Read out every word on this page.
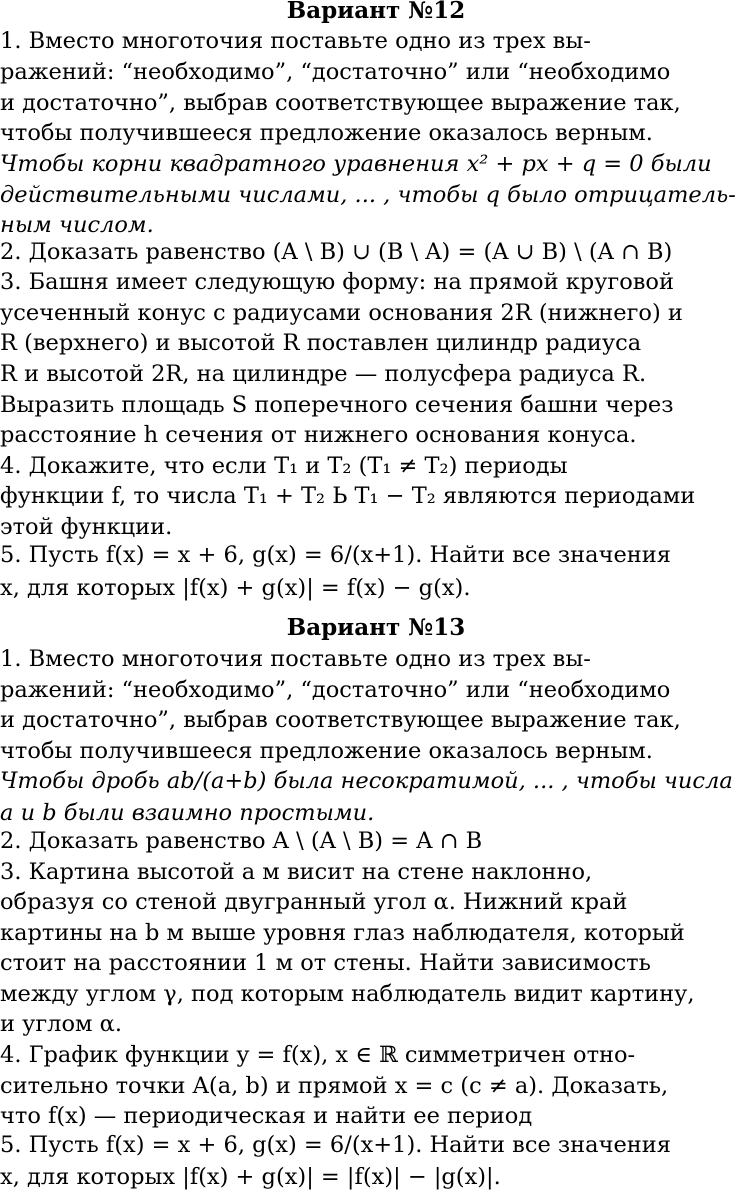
Вариант №12
1. Вместо многоточия поставьте одно из трех вы-
ражений: “необходимо”, “достаточно” или “необходимо
и достаточно”, выбрав соответствующее выражение так,
чтобы получившееся предложение оказалось верным.
Чтобы корни квадратного уравнения x² + px + q = 0 были
действительными числами, ... , чтобы q было отрицатель-
ным числом.
2. Доказать равенство (A \ B) ∪ (B \ A) = (A ∪ B) \ (A ∩ B)
3. Башня имеет следующую форму: на прямой круговой
усеченный конус с радиусами основания 2R (нижнего) и
R (верхнего) и высотой R поставлен цилиндр радиуса
R и высотой 2R, на цилиндре — полусфера радиуса R.
Выразить площадь S поперечного сечения башни через
расстояние h сечения от нижнего основания конуса.
4. Докажите, что если T₁ и T₂ (T₁ ≠ T₂) периоды
функции f, то числа T₁ + T₂ Ь T₁ − T₂ являются периодами
этой функции.
5. Пусть f(x) = x + 6, g(x) = 6/(x+1). Найти все значения
x, для которых |f(x) + g(x)| = f(x) − g(x).
Вариант №13
1. Вместо многоточия поставьте одно из трех вы-
ражений: “необходимо”, “достаточно” или “необходимо
и достаточно”, выбрав соответствующее выражение так,
чтобы получившееся предложение оказалось верным.
Чтобы дробь ab/(a+b) была несократимой, ... , чтобы числа
a и b были взаимно простыми.
2. Доказать равенство A \ (A \ B) = A ∩ B
3. Картина высотой a м висит на стене наклонно,
образуя со стеной двугранный угол α. Нижний край
картины на b м выше уровня глаз наблюдателя, который
стоит на расстоянии 1 м от стены. Найти зависимость
между углом γ, под которым наблюдатель видит картину,
и углом α.
4. График функции y = f(x), x ∈ ℝ симметричен отно-
сительно точки A(a, b) и прямой x = c (c ≠ a). Доказать,
что f(x) — периодическая и найти ее период
5. Пусть f(x) = x + 6, g(x) = 6/(x+1). Найти все значения
x, для которых |f(x) + g(x)| = |f(x)| − |g(x)|.
